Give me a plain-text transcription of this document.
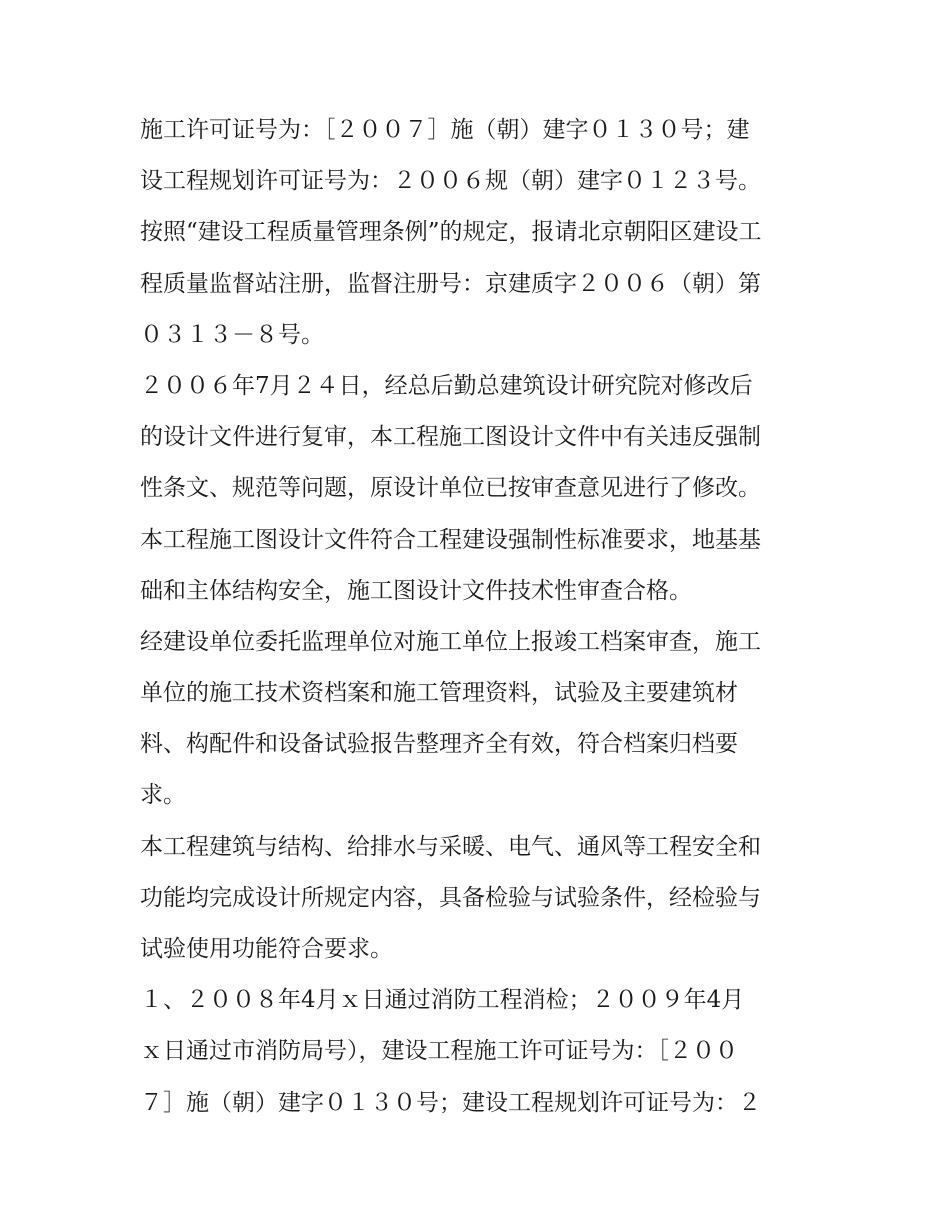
施工许可证号为：［２００７］施（朝）建字０１３０号；建
设工程规划许可证号为：２００６规（朝）建字０１２３号。
按照“建设工程质量管理条例”的规定，报请北京朝阳区建设工
程质量监督站注册，监督注册号：京建质字２００６（朝）第
０３１３－８号。
２００６年7月２４日，经总后勤总建筑设计研究院对修改后
的设计文件进行复审，本工程施工图设计文件中有关违反强制
性条文、规范等问题，原设计单位已按审查意见进行了修改。
本工程施工图设计文件符合工程建设强制性标准要求，地基基
础和主体结构安全，施工图设计文件技术性审查合格。
经建设单位委托监理单位对施工单位上报竣工档案审查，施工
单位的施工技术资档案和施工管理资料，试验及主要建筑材
料、构配件和设备试验报告整理齐全有效，符合档案归档要
求。
本工程建筑与结构、给排水与采暖、电气、通风等工程安全和
功能均完成设计所规定内容，具备检验与试验条件，经检验与
试验使用功能符合要求。
１、２００８年4月ｘ日通过消防工程消检；２００９年4月
ｘ日通过市消防局号），建设工程施工许可证号为：［２００
７］施（朝）建字０１３０号；建设工程规划许可证号为：２
